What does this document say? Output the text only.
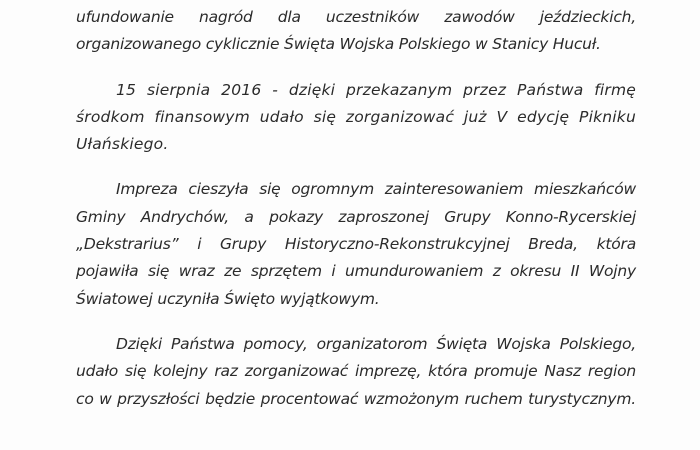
ufundowanie nagród dla uczestników zawodów jeździeckich,
organizowanego cyklicznie Święta Wojska Polskiego w Stanicy Hucuł.
15 sierpnia 2016 - dzięki przekazanym przez Państwa firmę
środkom finansowym udało się zorganizować już V edycję Pikniku
Ułańskiego.
Impreza cieszyła się ogromnym zainteresowaniem mieszkańców
Gminy Andrychów, a pokazy zaproszonej Grupy Konno-Rycerskiej
„Dekstrarius” i Grupy Historyczno-Rekonstrukcyjnej Breda, która
pojawiła się wraz ze sprzętem i umundurowaniem z okresu II Wojny
Światowej uczyniła Święto wyjątkowym.
Dzięki Państwa pomocy, organizatorom Święta Wojska Polskiego,
udało się kolejny raz zorganizować imprezę, która promuje Nasz region
co w przyszłości będzie procentować wzmożonym ruchem turystycznym.
